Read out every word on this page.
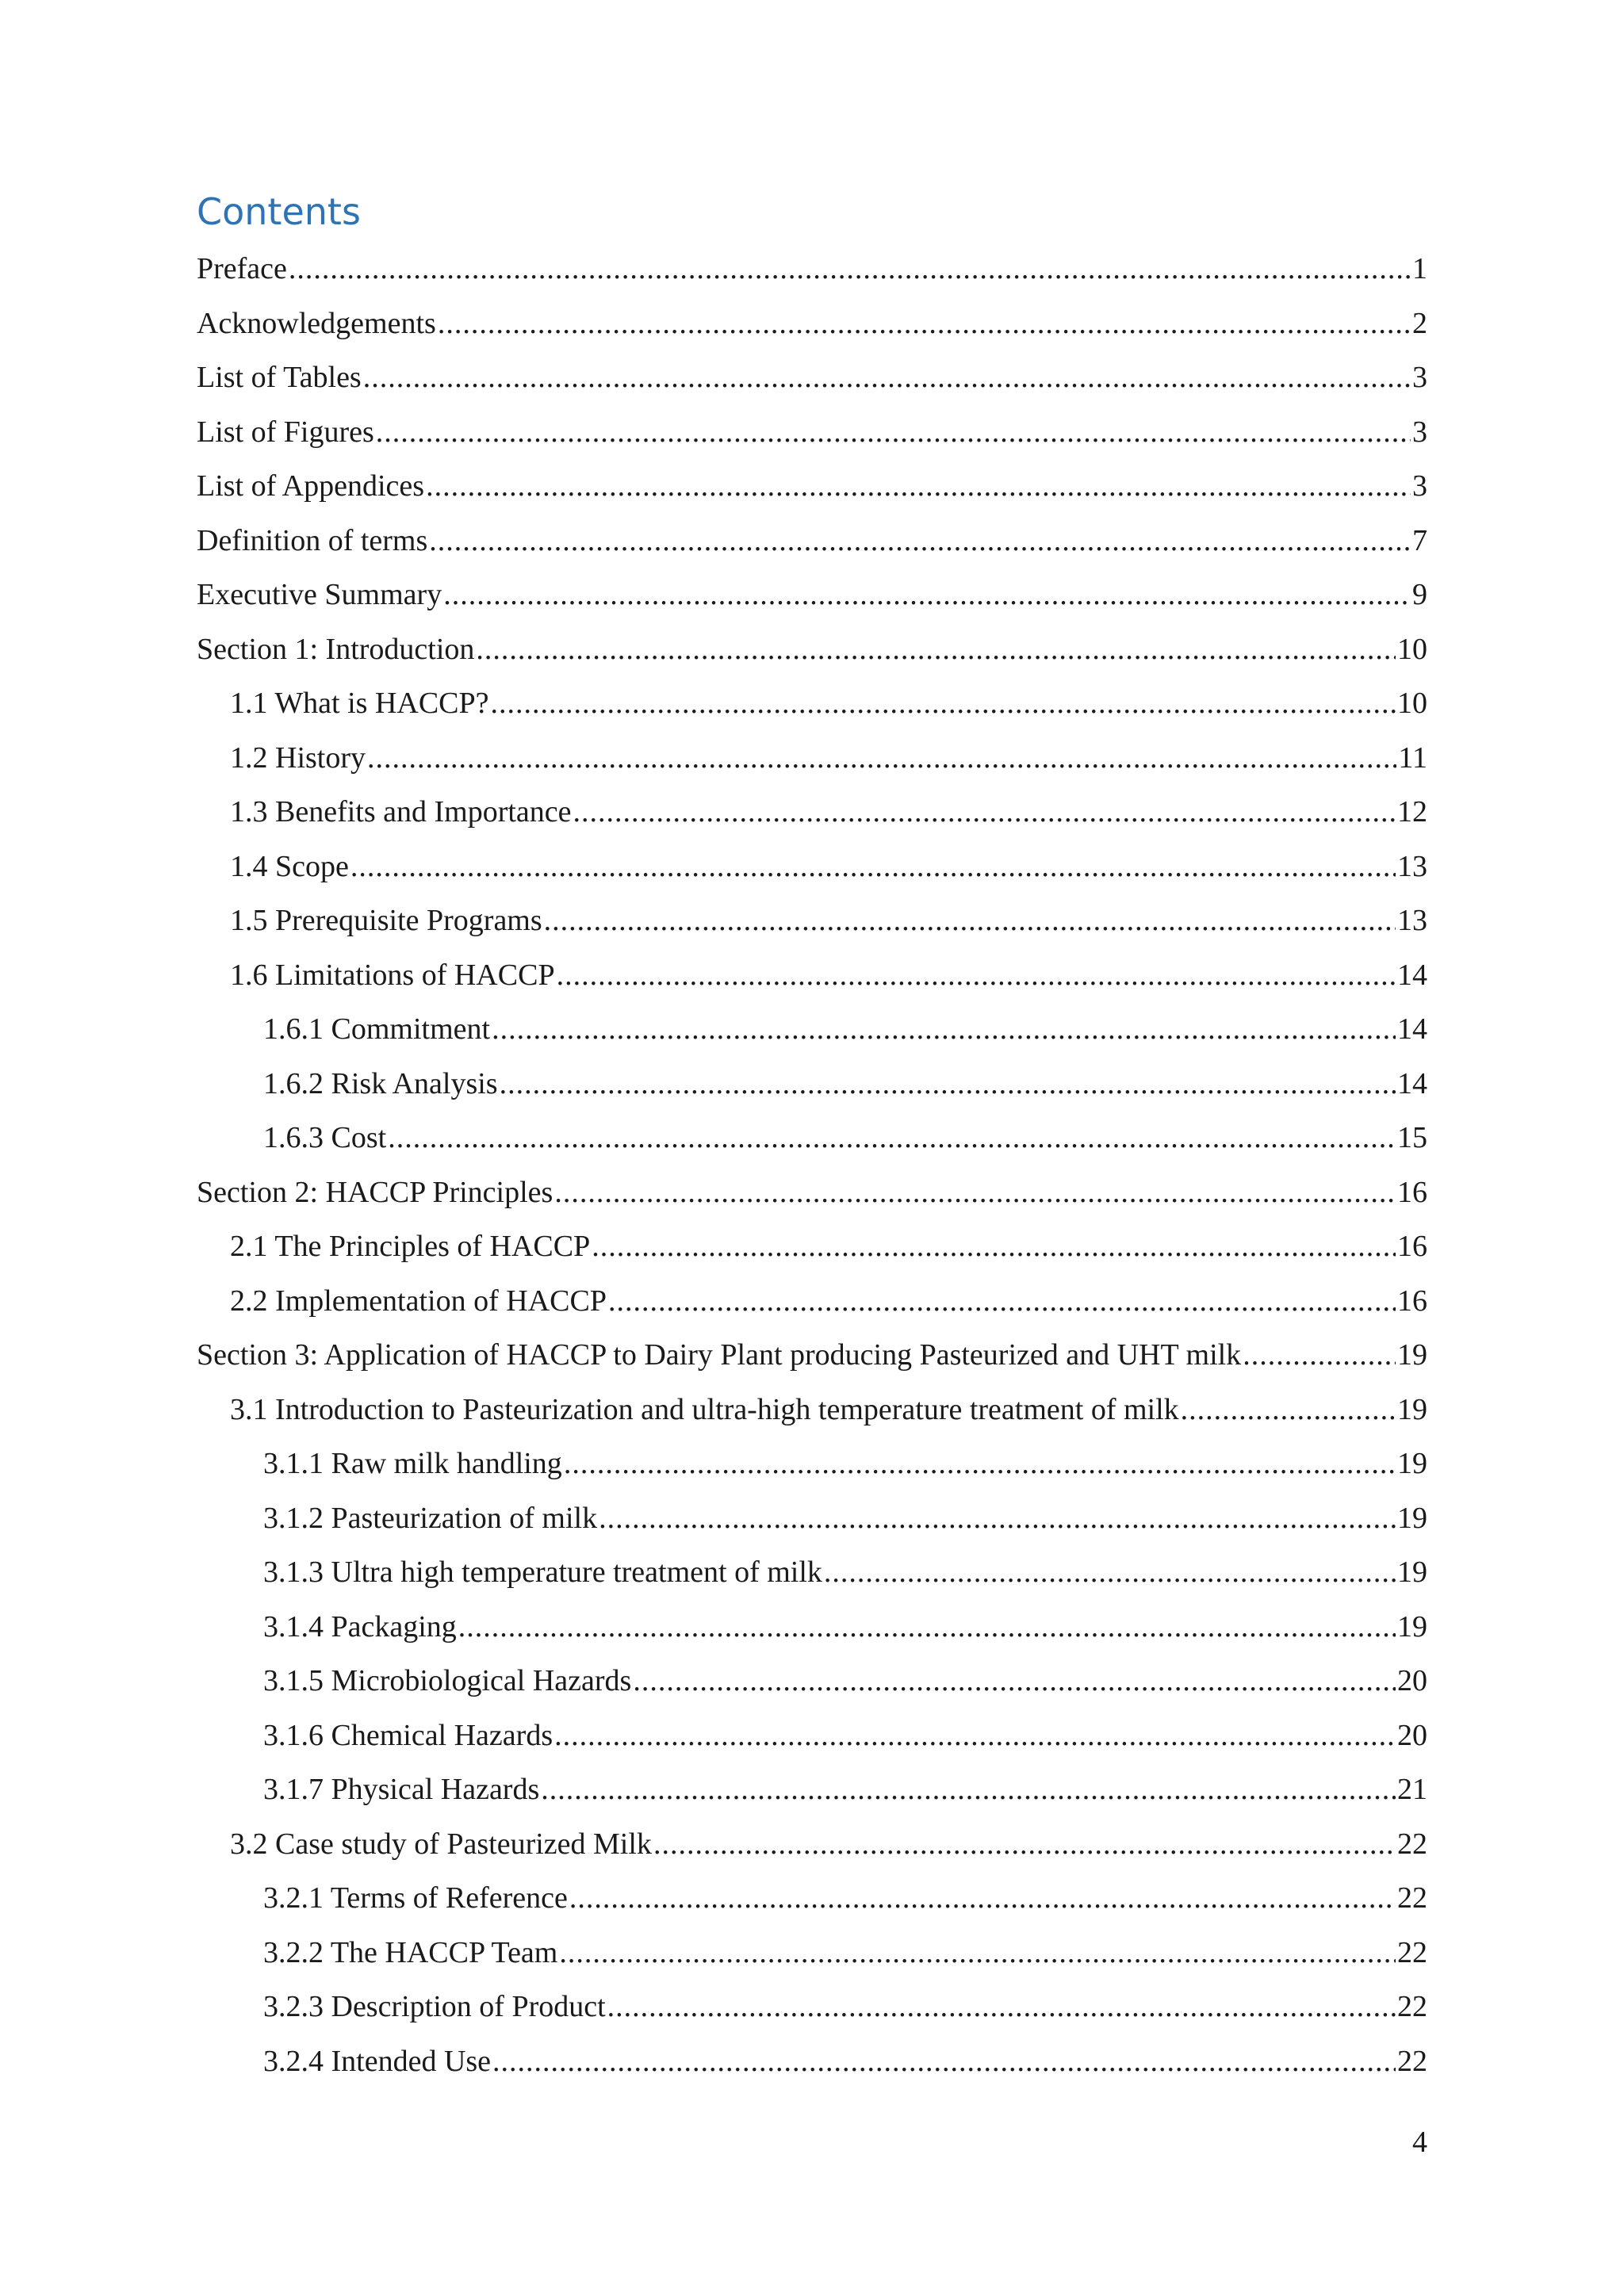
Contents
Preface .....	1
Acknowledgements .....	2
List of Tables .....	3
List of Figures .....	3
List of Appendices .....	3
Definition of terms .....	7
Executive Summary .....	9
Section 1: Introduction .....	10
1.1 What is HACCP? .....	10
1.2 History .....	11
1.3 Benefits and Importance .....	12
1.4 Scope .....	13
1.5 Prerequisite Programs .....	13
1.6 Limitations of HACCP .....	14
1.6.1 Commitment .....	14
1.6.2 Risk Analysis .....	14
1.6.3 Cost .....	15
Section 2: HACCP Principles .....	16
2.1 The Principles of HACCP .....	16
2.2 Implementation of HACCP .....	16
Section 3: Application of HACCP to Dairy Plant producing Pasteurized and UHT milk .....	19
3.1 Introduction to Pasteurization and ultra-high temperature treatment of milk .....	19
3.1.1 Raw milk handling .....	19
3.1.2 Pasteurization of milk .....	19
3.1.3 Ultra high temperature treatment of milk .....	19
3.1.4 Packaging .....	19
3.1.5 Microbiological Hazards .....	20
3.1.6 Chemical Hazards .....	20
3.1.7 Physical Hazards .....	21
3.2 Case study of Pasteurized Milk .....	22
3.2.1 Terms of Reference .....	22
3.2.2 The HACCP Team .....	22
3.2.3 Description of Product .....	22
3.2.4 Intended Use .....	22
4
